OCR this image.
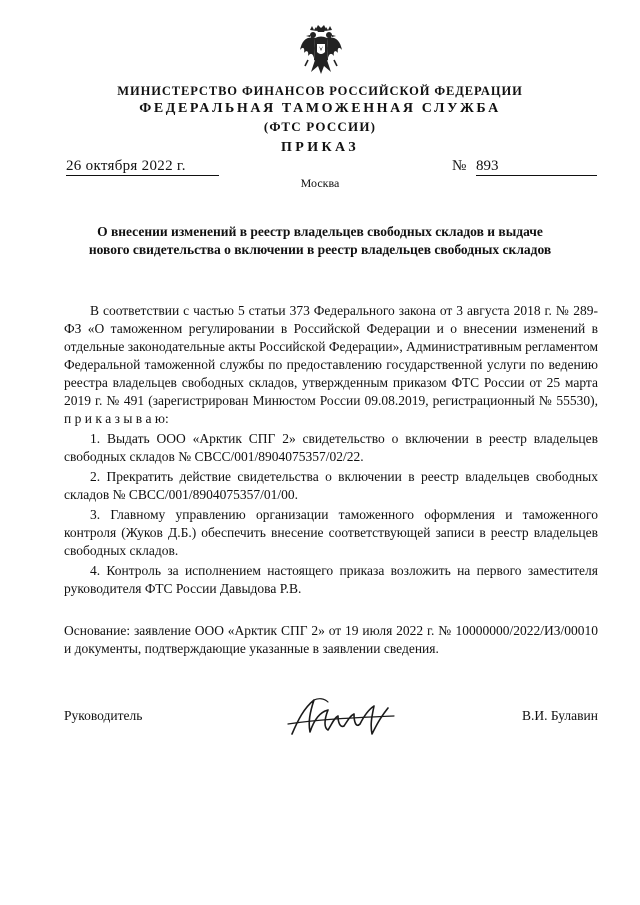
МИНИСТЕРСТВО ФИНАНСОВ РОССИЙСКОЙ ФЕДЕРАЦИИ
ФЕДЕРАЛЬНАЯ ТАМОЖЕННАЯ СЛУЖБА
(ФТС РОССИИ)
ПРИКАЗ
26 октября 2022 г.	№ 893
Москва
О внесении изменений в реестр владельцев свободных складов и выдаче нового свидетельства о включении в реестр владельцев свободных складов

В соответствии с частью 5 статьи 373 Федерального закона от 3 августа 2018 г. № 289-ФЗ «О таможенном регулировании в Российской Федерации и о внесении изменений в отдельные законодательные акты Российской Федерации», Административным регламентом Федеральной таможенной службы по предоставлению государственной услуги по ведению реестра владельцев свободных складов, утвержденным приказом ФТС России от 25 марта 2019 г. № 491 (зарегистрирован Минюстом России 09.08.2019, регистрационный № 55530), п р и к а з ы в а ю:

1. Выдать ООО «Арктик СПГ 2» свидетельство о включении в реестр владельцев свободных складов № СВСС/001/8904075357/02/22.

2. Прекратить действие свидетельства о включении в реестр владельцев свободных складов № СВСС/001/8904075357/01/00.

3. Главному управлению организации таможенного оформления и таможенного контроля (Жуков Д.Б.) обеспечить внесение соответствующей записи в реестр владельцев свободных складов.

4. Контроль за исполнением настоящего приказа возложить на первого заместителя руководителя ФТС России Давыдова Р.В.

Основание: заявление ООО «Арктик СПГ 2» от 19 июля 2022 г. № 10000000/2022/ИЗ/00010 и документы, подтверждающие указанные в заявлении сведения.

Руководитель	В.И. Булавин
